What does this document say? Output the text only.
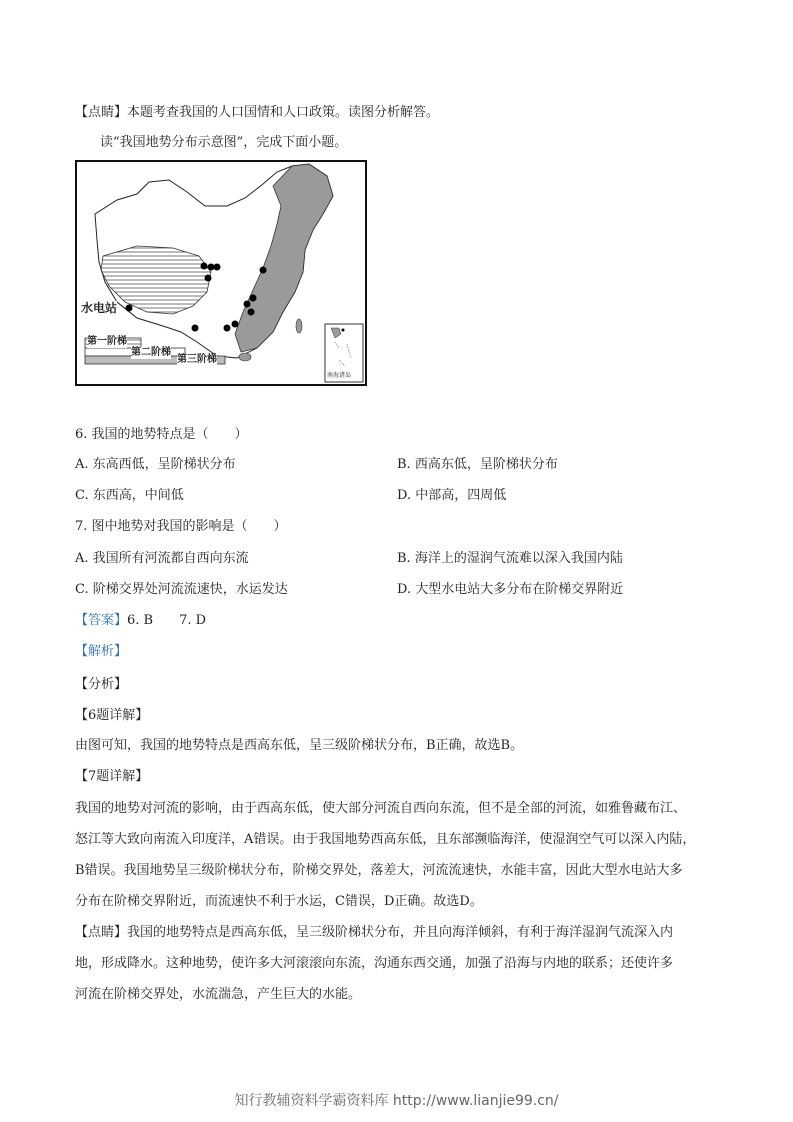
【点睛】本题考查我国的人口国情和人口政策。读图分析解答。
读“我国地势分布示意图”，完成下面小题。
水电站
第一阶梯
第二阶梯
第三阶梯
南海诸岛
6. 我国的地势特点是（　　）
A. 东高西低，呈阶梯状分布	B. 西高东低，呈阶梯状分布
C. 东西高，中间低	D. 中部高，四周低
7. 图中地势对我国的影响是（　　）
A. 我国所有河流都自西向东流	B. 海洋上的湿润气流难以深入我国内陆
C. 阶梯交界处河流流速快，水运发达	D. 大型水电站大多分布在阶梯交界附近
【答案】6. B　　7. D
【解析】
【分析】
【6题详解】
由图可知，我国的地势特点是西高东低，呈三级阶梯状分布，B正确，故选B。
【7题详解】
我国的地势对河流的影响，由于西高东低，使大部分河流自西向东流，但不是全部的河流，如雅鲁藏布江、
怒江等大致向南流入印度洋，A错误。由于我国地势西高东低，且东部濒临海洋，使湿润空气可以深入内陆，
B错误。我国地势呈三级阶梯状分布，阶梯交界处，落差大，河流流速快，水能丰富，因此大型水电站大多
分布在阶梯交界附近，而流速快不利于水运，C错误，D正确。故选D。
【点睛】我国的地势特点是西高东低，呈三级阶梯状分布，并且向海洋倾斜，有利于海洋湿润气流深入内
地，形成降水。这种地势，使许多大河滚滚向东流，沟通东西交通，加强了沿海与内地的联系；还使许多
河流在阶梯交界处，水流湍急，产生巨大的水能。
知行教辅资料学霸资料库 http://www.lianjie99.cn/
